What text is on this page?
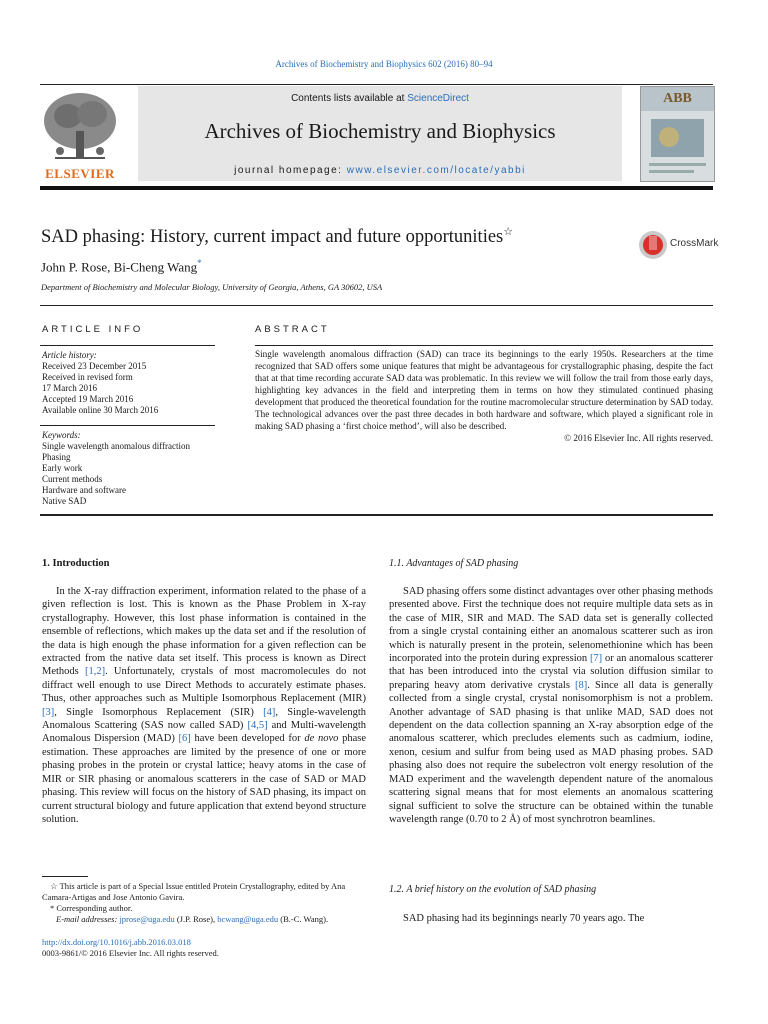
Archives of Biochemistry and Biophysics 602 (2016) 80–94
ELSEVIER
Contents lists available at ScienceDirect
Archives of Biochemistry and Biophysics
journal homepage: www.elsevier.com/locate/yabbi
ABB
SAD phasing: History, current impact and future opportunities☆
John P. Rose, Bi-Cheng Wang*
Department of Biochemistry and Molecular Biology, University of Georgia, Athens, GA 30602, USA
CrossMark
ARTICLE INFO
Article history:
Received 23 December 2015
Received in revised form
17 March 2016
Accepted 19 March 2016
Available online 30 March 2016
Keywords:
Single wavelength anomalous diffraction
Phasing
Early work
Current methods
Hardware and software
Native SAD
ABSTRACT
Single wavelength anomalous diffraction (SAD) can trace its beginnings to the early 1950s. Researchers at the time recognized that SAD offers some unique features that might be advantageous for crystallographic phasing, despite the fact that at that time recording accurate SAD data was problematic. In this review we will follow the trail from those early days, highlighting key advances in the field and interpreting them in terms on how they stimulated continued phasing development that produced the theoretical foundation for the routine macromolecular structure determination by SAD today. The technological advances over the past three decades in both hardware and software, which played a significant role in making SAD phasing a ‘first choice method’, will also be described.
© 2016 Elsevier Inc. All rights reserved.
1. Introduction

In the X-ray diffraction experiment, information related to the phase of a given reflection is lost. This is known as the Phase Problem in X-ray crystallography. However, this lost phase information is contained in the ensemble of reflections, which makes up the data set and if the resolution of the data is high enough the phase information for a given reflection can be extracted from the native data set itself. This process is known as Direct Methods [1,2]. Unfortunately, crystals of most macromolecules do not diffract well enough to use Direct Methods to accurately estimate phases. Thus, other approaches such as Multiple Isomorphous Replacement (MIR) [3], Single Isomorphous Replacement (SIR) [4], Single-wavelength Anomalous Scattering (SAS now called SAD) [4,5] and Multi-wavelength Anomalous Dispersion (MAD) [6] have been developed for de novo phase estimation. These approaches are limited by the presence of one or more phasing probes in the protein or crystal lattice; heavy atoms in the case of MIR or SIR phasing or anomalous scatterers in the case of SAD or MAD phasing. This review will focus on the history of SAD phasing, its impact on current structural biology and future application that extend beyond structure solution.

☆ This article is part of a Special Issue entitled Protein Crystallography, edited by Ana Camara-Artigas and Jose Antonio Gavira.
* Corresponding author.
E-mail addresses: jprose@uga.edu (J.P. Rose), bcwang@uga.edu (B.-C. Wang).
http://dx.doi.org/10.1016/j.abb.2016.03.018
0003-9861/© 2016 Elsevier Inc. All rights reserved.
1.1. Advantages of SAD phasing

SAD phasing offers some distinct advantages over other phasing methods presented above. First the technique does not require multiple data sets as in the case of MIR, SIR and MAD. The SAD data set is generally collected from a single crystal containing either an anomalous scatterer such as iron which is naturally present in the protein, selenomethionine which has been incorporated into the protein during expression [7] or an anomalous scatterer that has been introduced into the crystal via solution diffusion similar to preparing heavy atom derivative crystals [8]. Since all data is generally collected from a single crystal, crystal nonisomorphism is not a problem. Another advantage of SAD phasing is that unlike MAD, SAD does not dependent on the data collection spanning an X-ray absorption edge of the anomalous scatterer, which precludes elements such as cadmium, iodine, xenon, cesium and sulfur from being used as MAD phasing probes. SAD phasing also does not require the subelectron volt energy resolution of the MAD experiment and the wavelength dependent nature of the anomalous scattering signal means that for most elements an anomalous scattering signal sufficient to solve the structure can be obtained within the tunable wavelength range (0.70 to 2 Å) of most synchrotron beamlines.

1.2. A brief history on the evolution of SAD phasing

SAD phasing had its beginnings nearly 70 years ago. The
